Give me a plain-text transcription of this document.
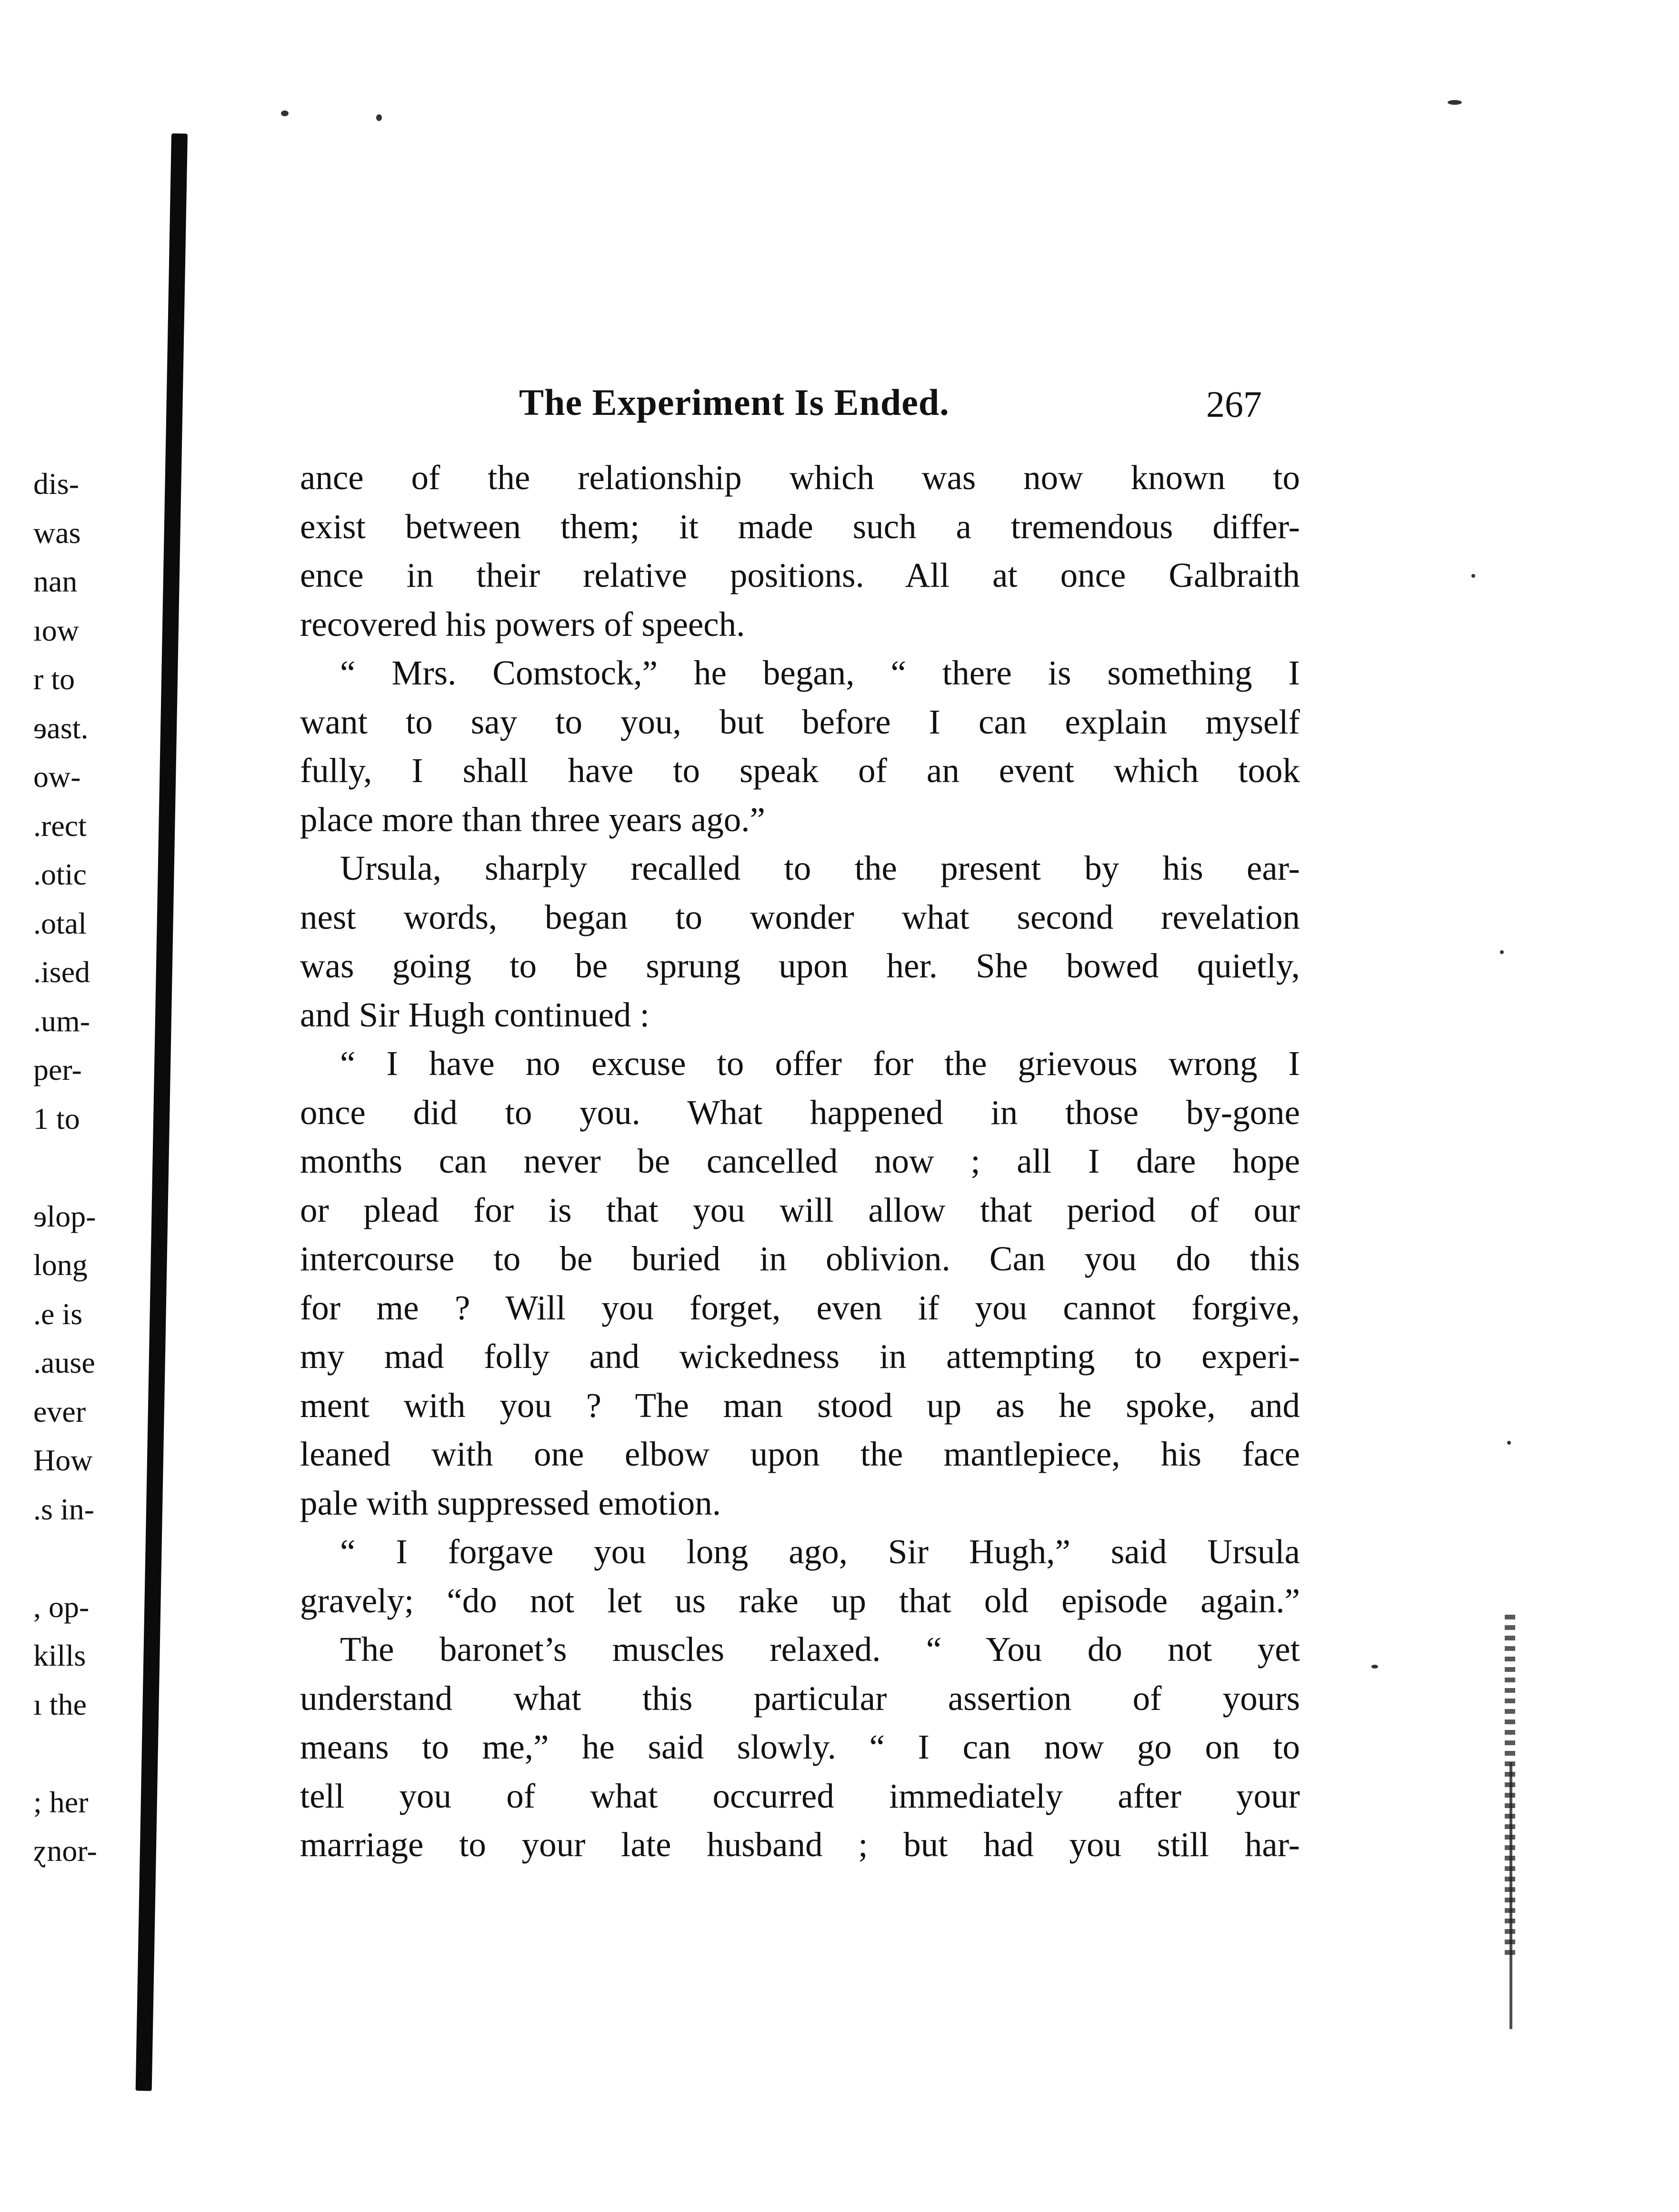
dis-
was
nan
ıow
r to
ɘast.
ow-
.rect
.otic
.otal
.ised
.um-
per-
1 to
ɘlop-
long
.e is
.ause
ever
How
.s in-
, op-
kills
ı the
; her
ɀnor-
The Experiment Is Ended.	267
ance of the relationship which was now known to
exist between them; it made such a tremendous differ-
ence in their relative positions. All at once Galbraith
recovered his powers of speech.
“ Mrs. Comstock,” he began, “ there is something I
want to say to you, but before I can explain myself
fully, I shall have to speak of an event which took
place more than three years ago.”
Ursula, sharply recalled to the present by his ear-
nest words, began to wonder what second revelation
was going to be sprung upon her. She bowed quietly,
and Sir Hugh continued :
“ I have no excuse to offer for the grievous wrong I
once did to you. What happened in those by-gone
months can never be cancelled now ; all I dare hope
or plead for is that you will allow that period of our
intercourse to be buried in oblivion. Can you do this
for me ? Will you forget, even if you cannot forgive,
my mad folly and wickedness in attempting to experi-
ment with you ? The man stood up as he spoke, and
leaned with one elbow upon the mantlepiece, his face
pale with suppressed emotion.
“ I forgave you long ago, Sir Hugh,” said Ursula
gravely; “do not let us rake up that old episode again.”
The baronet’s muscles relaxed. “ You do not yet
understand what this particular assertion of yours
means to me,” he said slowly. “ I can now go on to
tell you of what occurred immediately after your
marriage to your late husband ; but had you still har-
